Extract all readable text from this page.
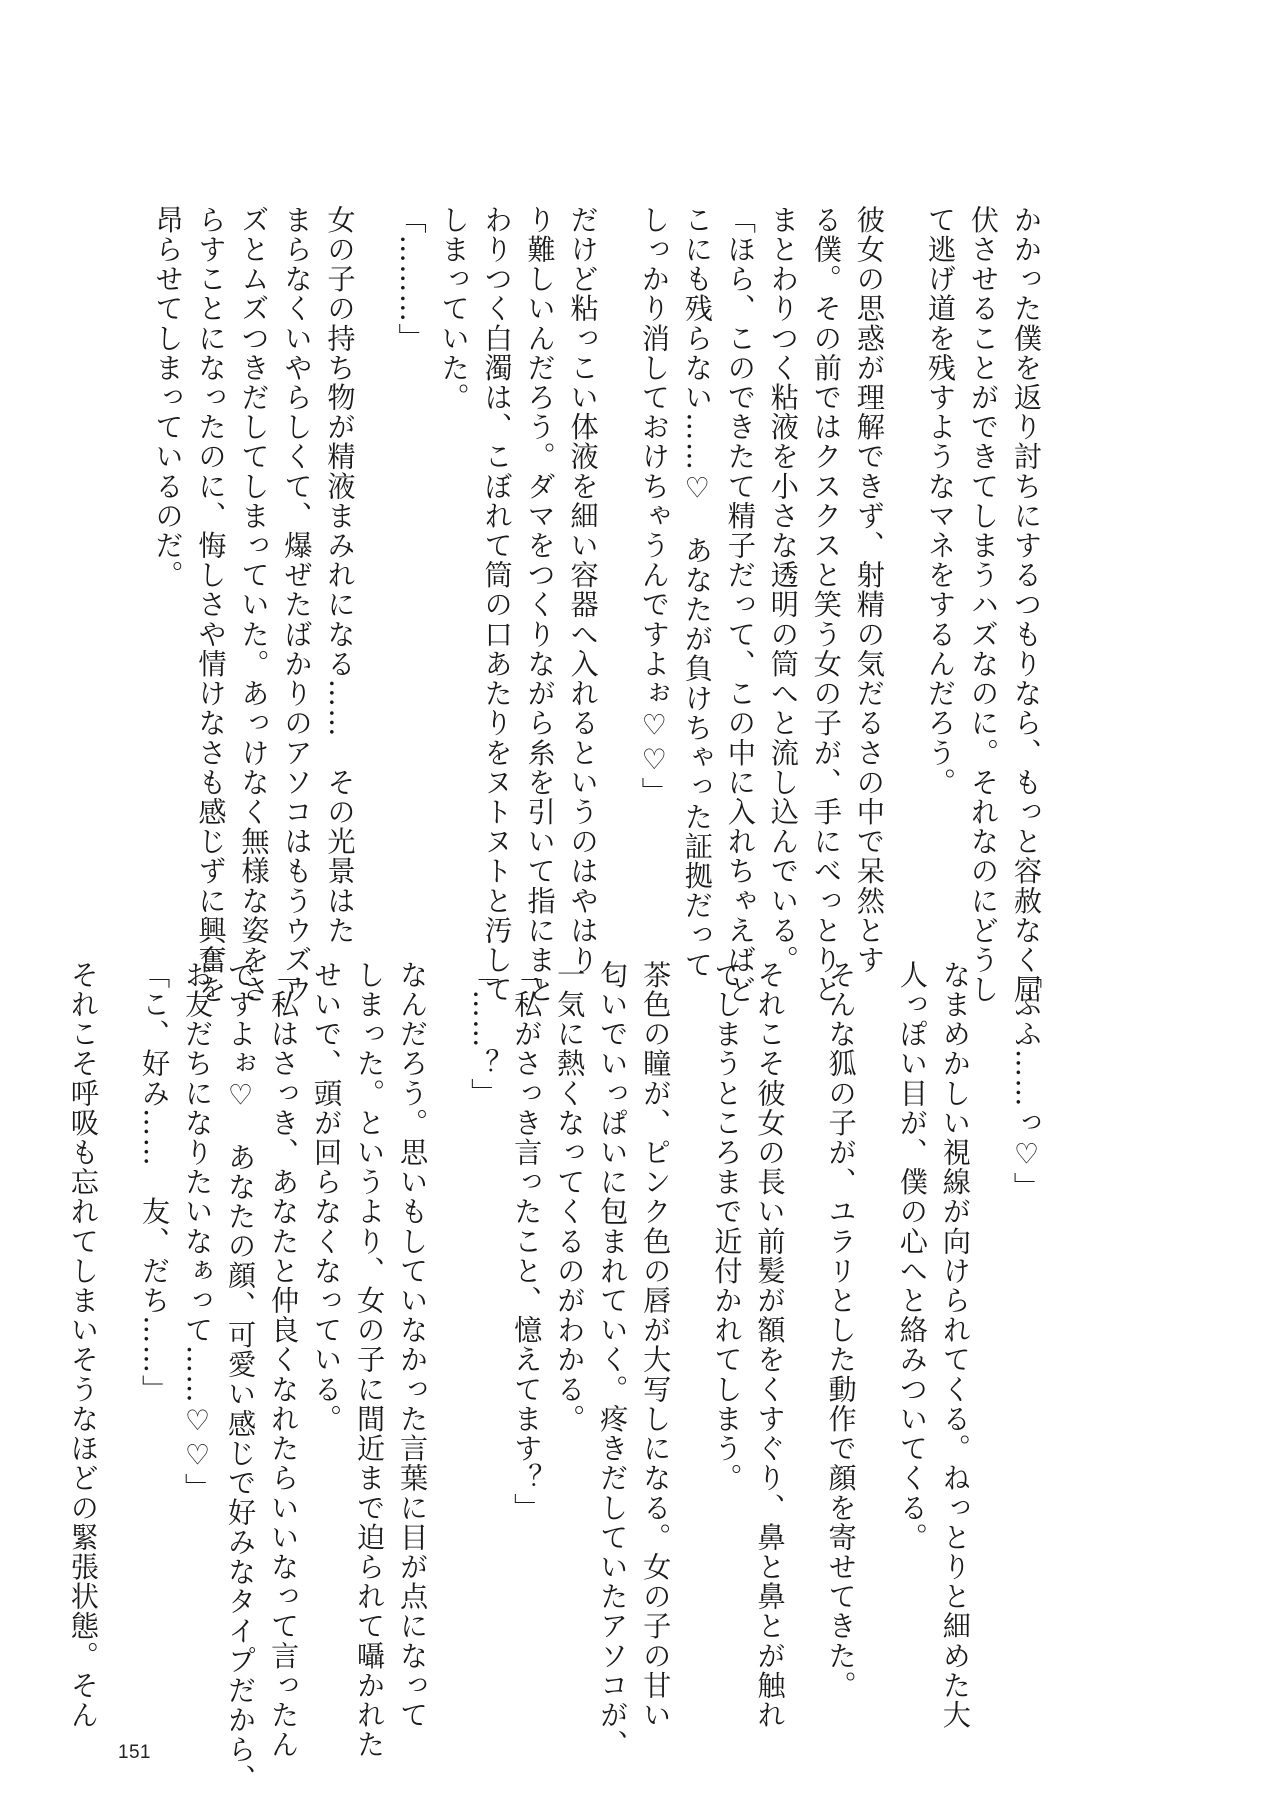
かかった僕を返り討ちにするつもりなら、もっと容赦なく屈
伏させることができてしまうハズなのに。それなのにどうし
て逃げ道を残すようなマネをするんだろう。
彼女の思惑が理解できず、射精の気だるさの中で呆然とす
る僕。その前ではクスクスと笑う女の子が、手にべっとりと
まとわりつく粘液を小さな透明の筒へと流し込んでいる。
「ほら、このできたて精子だって、この中に入れちゃえばど
こにも残らない……♡　あなたが負けちゃった証拠だって
しっかり消しておけちゃうんですよぉ♡♡」
だけど粘っこい体液を細い容器へ入れるというのはやはり
り難しいんだろう。ダマをつくりながら糸を引いて指にまと
わりつく白濁は、こぼれて筒の口あたりをヌトヌトと汚して
しまっていた。
「………」
女の子の持ち物が精液まみれになる……　その光景はた
まらなくいやらしくて、爆ぜたばかりのアソコはもうウズウ
ズとムズつきだしてしまっていた。あっけなく無様な姿をさ
らすことになったのに、悔しさや情けなさも感じずに興奮を
昂らせてしまっているのだ。
「ふふ……っ♡」
なまめかしい視線が向けられてくる。ねっとりと細めた大
人っぽい目が、僕の心へと絡みついてくる。
そんな狐の子が、ユラリとした動作で顔を寄せてきた。
それこそ彼女の長い前髪が額をくすぐり、鼻と鼻とが触れ
てしまうところまで近付かれてしまう。
茶色の瞳が、ピンク色の唇が大写しになる。女の子の甘い
匂いでいっぱいに包まれていく。疼きだしていたアソコが、
一気に熱くなってくるのがわかる。
「私がさっき言ったこと、憶えてます？」
「……？」
なんだろう。思いもしていなかった言葉に目が点になって
しまった。というより、女の子に間近まで迫られて囁かれた
せいで、頭が回らなくなっている。
「私はさっき、あなたと仲良くなれたらいいなって言ったん
ですよぉ♡　あなたの顔、可愛い感じで好みなタイプだから、
お友だちになりたいなぁって……♡♡」
「こ、好み……　友、だち……」
それこそ呼吸も忘れてしまいそうなほどの緊張状態。そん
151
